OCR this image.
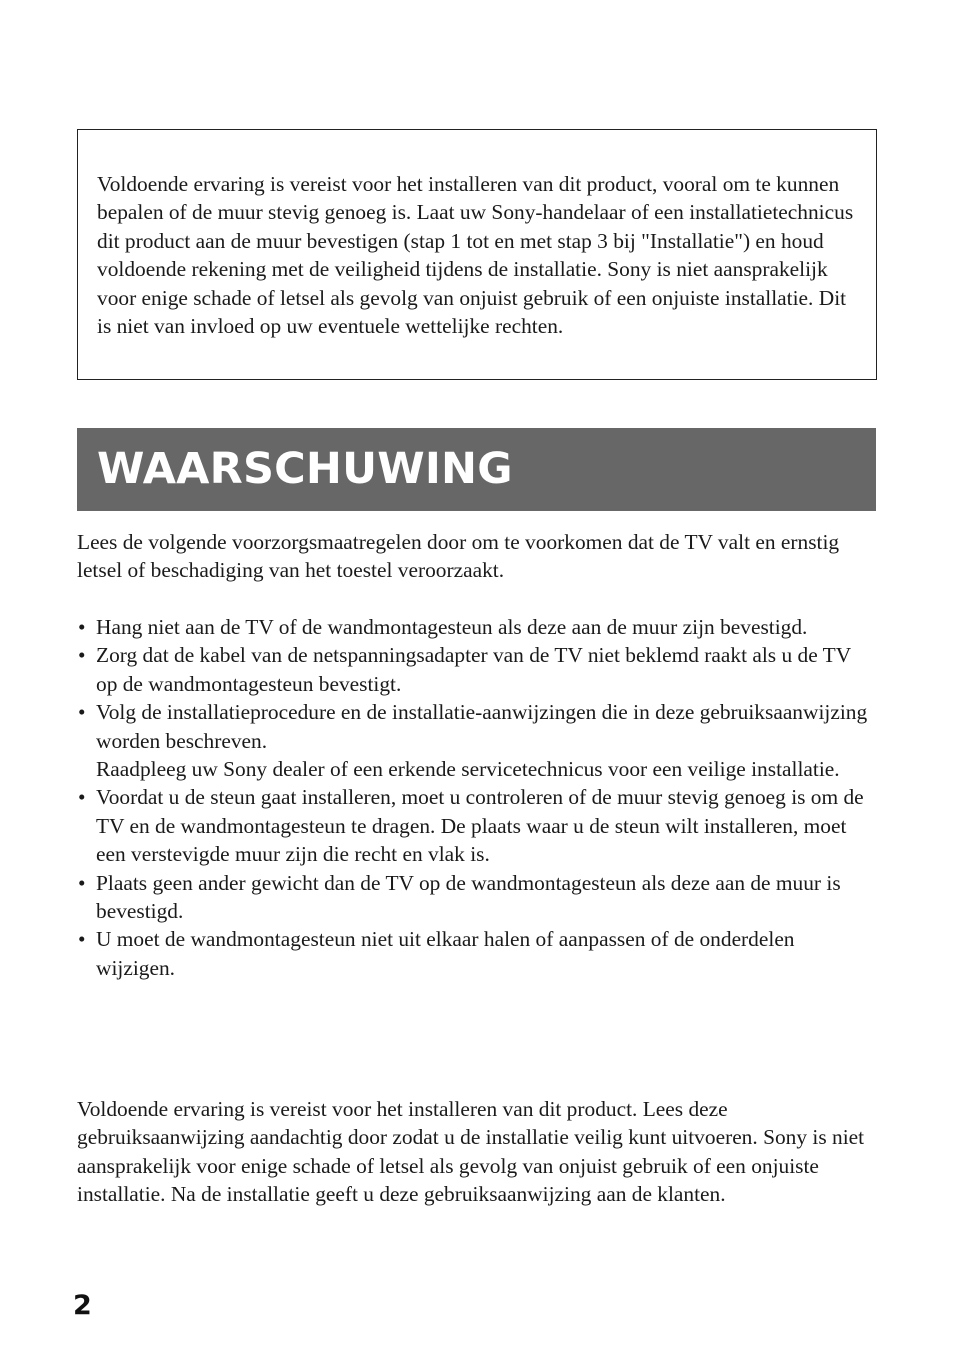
Voldoende ervaring is vereist voor het installeren van dit product, vooral om te kunnen bepalen of de muur stevig genoeg is. Laat uw Sony-handelaar of een installatietechnicus dit product aan de muur bevestigen (stap 1 tot en met stap 3 bij "Installatie") en houd voldoende rekening met de veiligheid tijdens de installatie. Sony is niet aansprakelijk voor enige schade of letsel als gevolg van onjuist gebruik of een onjuiste installatie. Dit is niet van invloed op uw eventuele wettelijke rechten.

WAARSCHUWING

Lees de volgende voorzorgsmaatregelen door om te voorkomen dat de TV valt en ernstig letsel of beschadiging van het toestel veroorzaakt.

• Hang niet aan de TV of de wandmontagesteun als deze aan de muur zijn bevestigd.
• Zorg dat de kabel van de netspanningsadapter van de TV niet beklemd raakt als u de TV op de wandmontagesteun bevestigt.
• Volg de installatieprocedure en de installatie-aanwijzingen die in deze gebruiksaanwijzing worden beschreven.
Raadpleeg uw Sony dealer of een erkende servicetechnicus voor een veilige installatie.
• Voordat u de steun gaat installeren, moet u controleren of de muur stevig genoeg is om de TV en de wandmontagesteun te dragen. De plaats waar u de steun wilt installeren, moet een verstevigde muur zijn die recht en vlak is.
• Plaats geen ander gewicht dan de TV op de wandmontagesteun als deze aan de muur is bevestigd.
• U moet de wandmontagesteun niet uit elkaar halen of aanpassen of de onderdelen wijzigen.

Voldoende ervaring is vereist voor het installeren van dit product. Lees deze gebruiksaanwijzing aandachtig door zodat u de installatie veilig kunt uitvoeren. Sony is niet aansprakelijk voor enige schade of letsel als gevolg van onjuist gebruik of een onjuiste installatie. Na de installatie geeft u deze gebruiksaanwijzing aan de klanten.

2
